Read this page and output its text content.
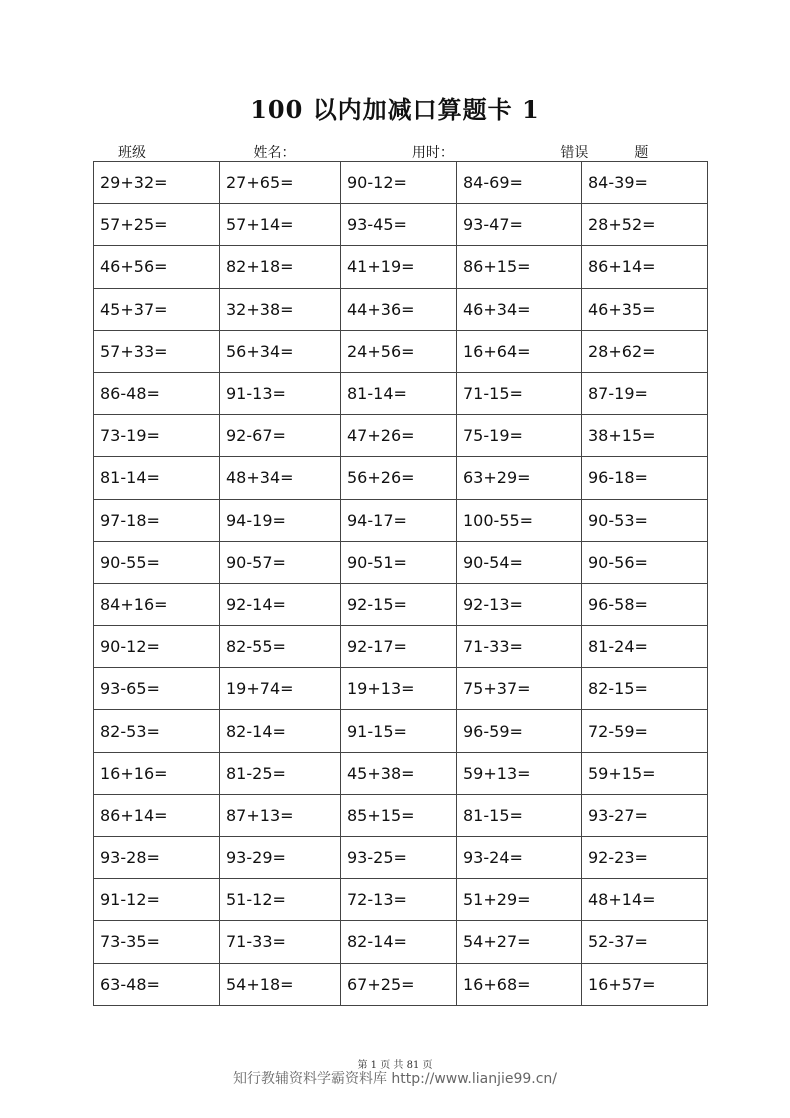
100 以内加减口算题卡 1
班级	姓名：	用时：	错误	题
29+32=	27+65=	90-12=	84-69=	84-39=
57+25=	57+14=	93-45=	93-47=	28+52=
46+56=	82+18=	41+19=	86+15=	86+14=
45+37=	32+38=	44+36=	46+34=	46+35=
57+33=	56+34=	24+56=	16+64=	28+62=
86-48=	91-13=	81-14=	71-15=	87-19=
73-19=	92-67=	47+26=	75-19=	38+15=
81-14=	48+34=	56+26=	63+29=	96-18=
97-18=	94-19=	94-17=	100-55=	90-53=
90-55=	90-57=	90-51=	90-54=	90-56=
84+16=	92-14=	92-15=	92-13=	96-58=
90-12=	82-55=	92-17=	71-33=	81-24=
93-65=	19+74=	19+13=	75+37=	82-15=
82-53=	82-14=	91-15=	96-59=	72-59=
16+16=	81-25=	45+38=	59+13=	59+15=
86+14=	87+13=	85+15=	81-15=	93-27=
93-28=	93-29=	93-25=	93-24=	92-23=
91-12=	51-12=	72-13=	51+29=	48+14=
73-35=	71-33=	82-14=	54+27=	52-37=
63-48=	54+18=	67+25=	16+68=	16+57=
第 1 页 共 81 页
知行教辅资料学霸资料库 http://www.lianjie99.cn/
